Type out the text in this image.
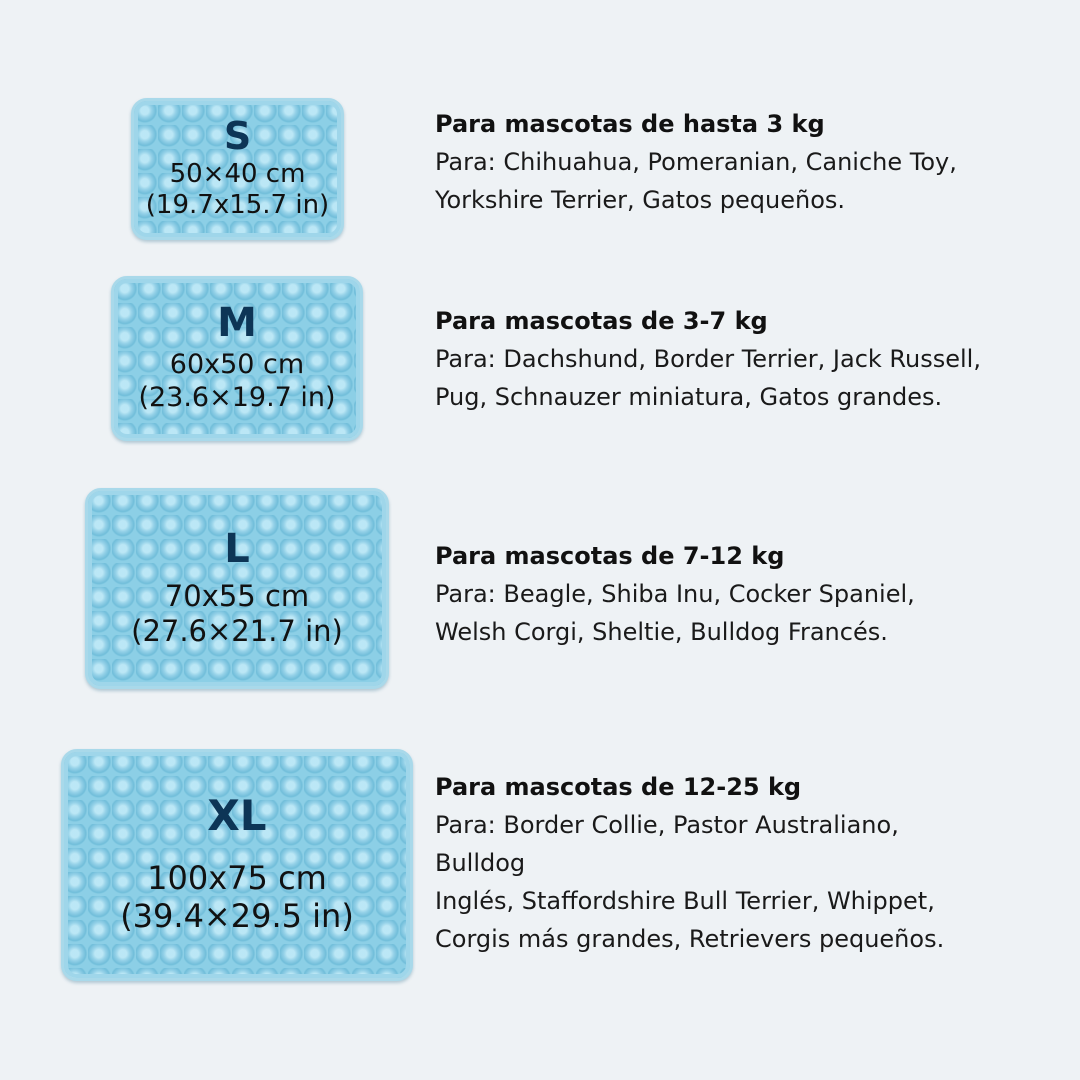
S
50×40 cm
(19.7x15.7 in)
Para mascotas de hasta 3 kg
Para: Chihuahua, Pomeranian, Caniche Toy,
Yorkshire Terrier, Gatos pequeños.
M
60x50 cm
(23.6×19.7 in)
Para mascotas de 3-7 kg
Para: Dachshund, Border Terrier, Jack Russell,
Pug, Schnauzer miniatura, Gatos grandes.
L
70x55 cm
(27.6×21.7 in)
Para mascotas de 7-12 kg
Para: Beagle, Shiba Inu, Cocker Spaniel,
Welsh Corgi, Sheltie, Bulldog Francés.
XL
100x75 cm
(39.4×29.5 in)
Para mascotas de 12-25 kg
Para: Border Collie, Pastor Australiano,
Bulldog
Inglés, Staffordshire Bull Terrier, Whippet,
Corgis más grandes, Retrievers pequeños.
